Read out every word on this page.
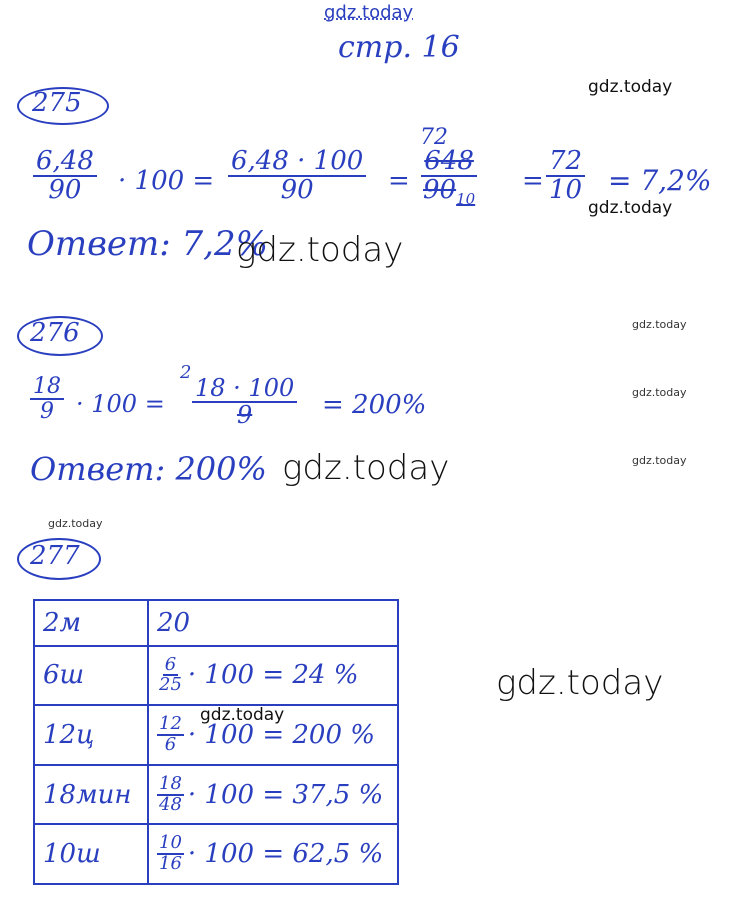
gdz.today
стр. 16
275
$\frac{6,48}{90} \cdot 100 = \frac{6,48 \cdot 100}{90}$ =
72
$\frac{648}{90_{10}} = \frac{72}{10} = 7,2\%$
Ответ: 7,2%
276
$\frac{18}{9} \cdot 100$ =
2
$\frac{18 \cdot 100}{9} = 200\%$
Ответ: 200%
277
2м	20
6ш	$\frac{6}{25} \cdot 100 = 24$ %

12ц	$\frac{12}{6} \cdot 100 = 200$ %

18мин	$\frac{18}{48} \cdot 100 = 37,5$ %

10ш	$\frac{10}{16} \cdot 100 = 62,5$ %
gdz.today
gdz.today
gdz.today
gdz.today
gdz.today
gdz.today
gdz.today
gdz.today
gdz.today
gdz.today
